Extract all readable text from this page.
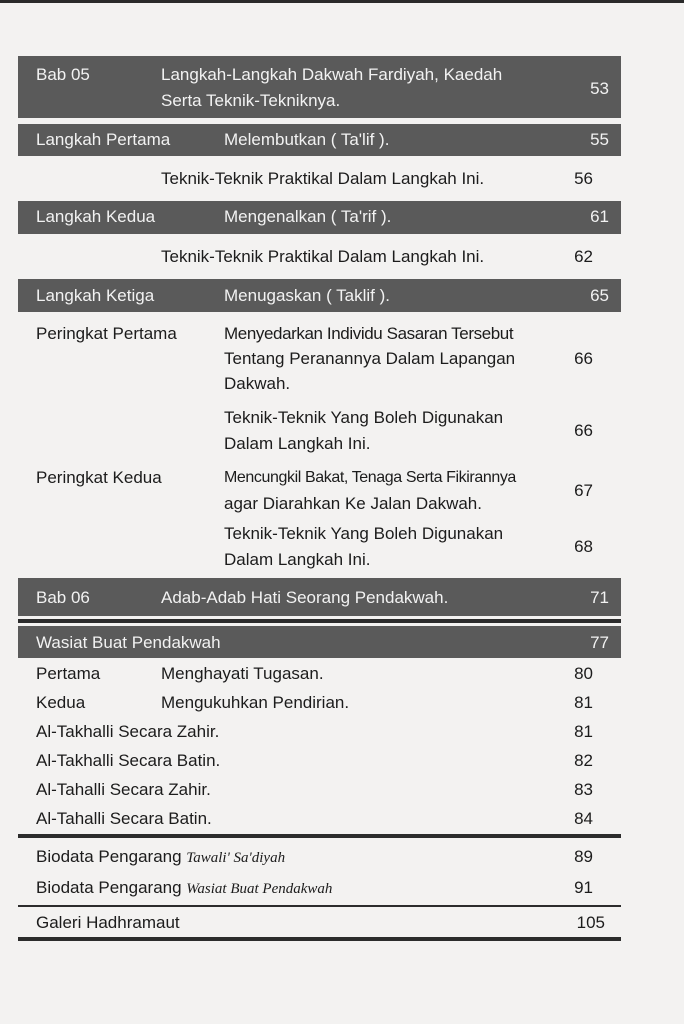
Bab 05	Langkah-Langkah Dakwah Fardiyah, Kaedah
Serta Teknik-Tekniknya.
53
Langkah Pertama	Melembutkan ( Ta'lif ).	55
Teknik-Teknik Praktikal Dalam Langkah Ini.	56
Langkah Kedua	Mengenalkan ( Ta'rif ).	61
Teknik-Teknik Praktikal Dalam Langkah Ini.	62
Langkah Ketiga	Menugaskan ( Taklif ).	65
Peringkat Pertama	Menyedarkan Individu Sasaran Tersebut
Tentang Peranannya Dalam Lapangan
Dakwah.
66
Teknik-Teknik Yang Boleh Digunakan
Dalam Langkah Ini.
66
Peringkat Kedua	Mencungkil Bakat, Tenaga Serta Fikirannya
agar Diarahkan Ke Jalan Dakwah.
67
Teknik-Teknik Yang Boleh Digunakan
Dalam Langkah Ini.
68
Bab 06	Adab-Adab Hati Seorang Pendakwah.	71
Wasiat Buat Pendakwah	77
Pertama	Menghayati Tugasan.	80
Kedua	Mengukuhkan Pendirian.	81
Al-Takhalli Secara Zahir.	81
Al-Takhalli Secara Batin.	82
Al-Tahalli Secara Zahir.	83
Al-Tahalli Secara Batin.	84
Biodata Pengarang Tawali' Sa'diyah	89
Biodata Pengarang Wasiat Buat Pendakwah	91
Galeri Hadhramaut	105
